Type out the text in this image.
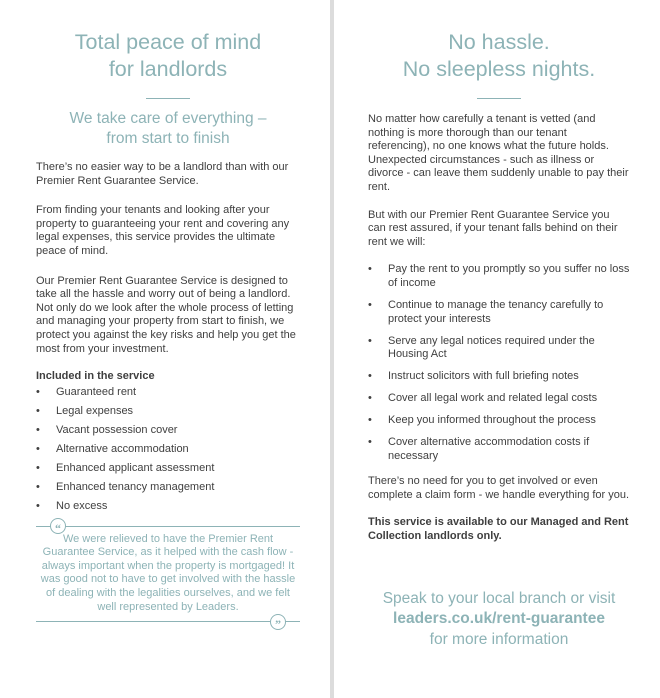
Total peace of mind
for landlords
We take care of everything –
from start to finish

There’s no easier way to be a landlord than with our Premier Rent Guarantee Service.

From finding your tenants and looking after your property to guaranteeing your rent and covering any legal expenses, this service provides the ultimate peace of mind.

Our Premier Rent Guarantee Service is designed to take all the hassle and worry out of being a landlord. Not only do we look after the whole process of letting and managing your property from start to finish, we protect you against the key risks and help you get the most from your investment.

Included in the service
• Guaranteed rent
• Legal expenses
• Vacant possession cover
• Alternative accommodation
• Enhanced applicant assessment
• Enhanced tenancy management
• No excess
“

We were relieved to have the Premier Rent Guarantee Service, as it helped with the cash flow - always important when the property is mortgaged! It was good not to have to get involved with the hassle of dealing with the legalities ourselves, and we felt well represented by Leaders.

”
No hassle.
No sleepless nights.

No matter how carefully a tenant is vetted (and nothing is more thorough than our tenant referencing), no one knows what the future holds. Unexpected circumstances - such as illness or divorce - can leave them suddenly unable to pay their rent.

But with our Premier Rent Guarantee Service you can rest assured, if your tenant falls behind on their rent we will:

• Pay the rent to you promptly so you suffer no loss of income
• Continue to manage the tenancy carefully to protect your interests
• Serve any legal notices required under the Housing Act
• Instruct solicitors with full briefing notes
• Cover all legal work and related legal costs
• Keep you informed throughout the process
• Cover alternative accommodation costs if necessary

There’s no need for you to get involved or even complete a claim form - we handle everything for you.

This service is available to our Managed and Rent Collection landlords only.

Speak to your local branch or visit
leaders.co.uk/rent-guarantee
for more information
